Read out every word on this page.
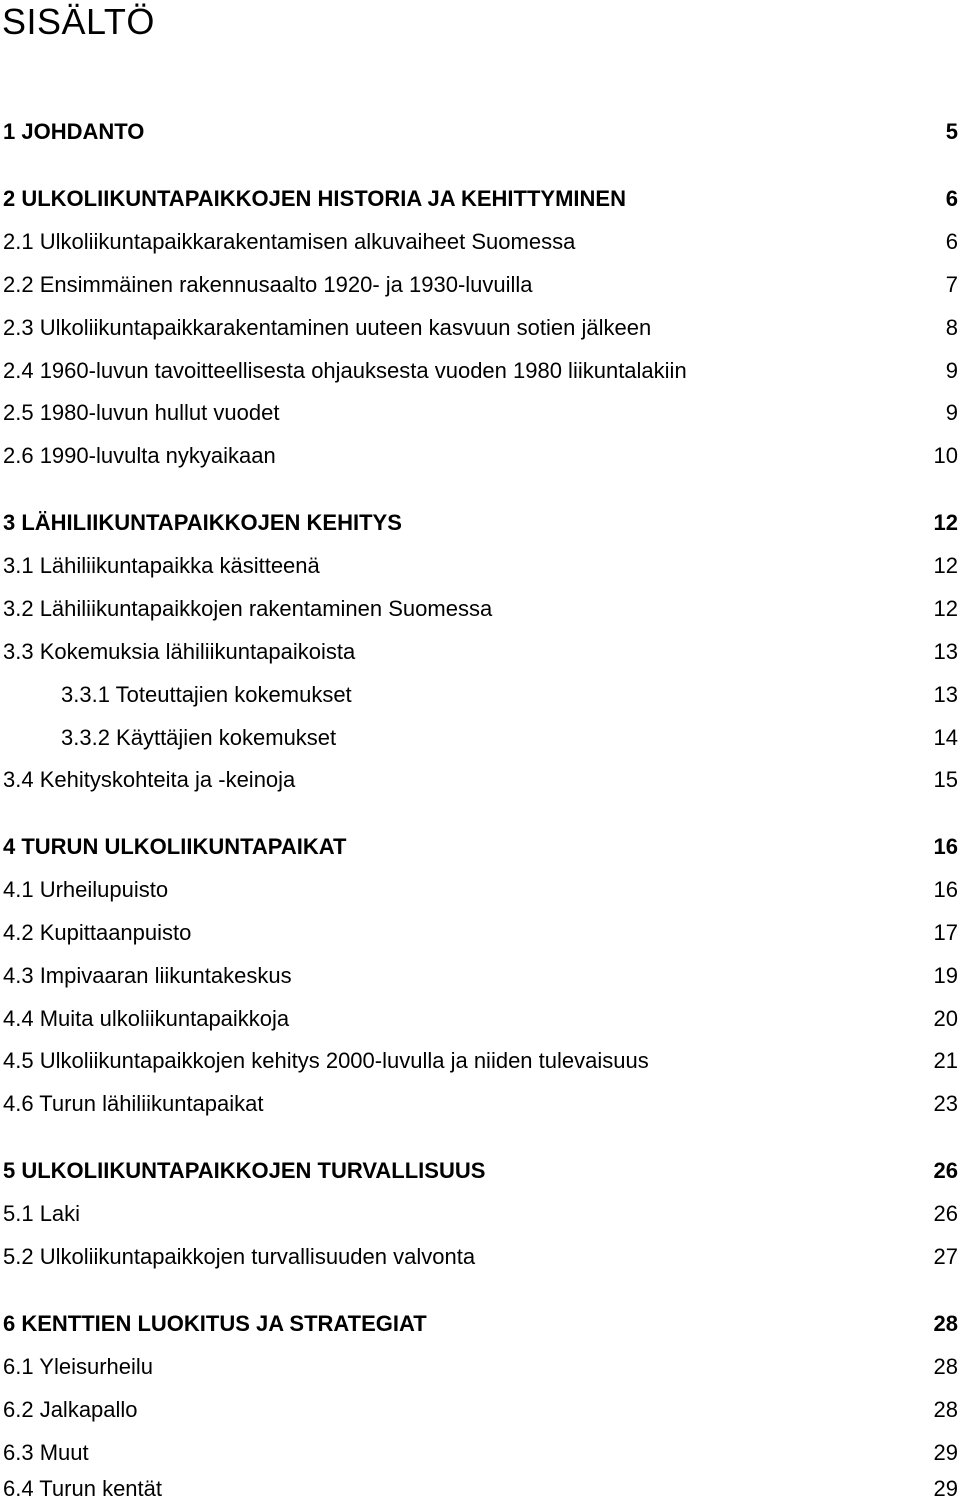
SISÄLTÖ
1 JOHDANTO	5
2 ULKOLIIKUNTAPAIKKOJEN HISTORIA JA KEHITTYMINEN	6
2.1 Ulkoliikuntapaikkarakentamisen alkuvaiheet Suomessa	6
2.2 Ensimmäinen rakennusaalto 1920- ja 1930-luvuilla	7
2.3 Ulkoliikuntapaikkarakentaminen uuteen kasvuun sotien jälkeen	8
2.4 1960-luvun tavoitteellisesta ohjauksesta vuoden 1980 liikuntalakiin	9
2.5 1980-luvun hullut vuodet	9
2.6 1990-luvulta nykyaikaan	10
3 LÄHILIIKUNTAPAIKKOJEN KEHITYS	12
3.1 Lähiliikuntapaikka käsitteenä	12
3.2 Lähiliikuntapaikkojen rakentaminen Suomessa	12
3.3 Kokemuksia lähiliikuntapaikoista	13
3.3.1 Toteuttajien kokemukset	13
3.3.2 Käyttäjien kokemukset	14
3.4 Kehityskohteita ja -keinoja	15
4 TURUN ULKOLIIKUNTAPAIKAT	16
4.1 Urheilupuisto	16
4.2 Kupittaanpuisto	17
4.3 Impivaaran liikuntakeskus	19
4.4 Muita ulkoliikuntapaikkoja	20
4.5 Ulkoliikuntapaikkojen kehitys 2000-luvulla ja niiden tulevaisuus	21
4.6 Turun lähiliikuntapaikat	23
5 ULKOLIIKUNTAPAIKKOJEN TURVALLISUUS	26
5.1 Laki	26
5.2 Ulkoliikuntapaikkojen turvallisuuden valvonta	27
6 KENTTIEN LUOKITUS JA STRATEGIAT	28
6.1 Yleisurheilu	28
6.2 Jalkapallo	28
6.3 Muut	29
6.4 Turun kentät	29
